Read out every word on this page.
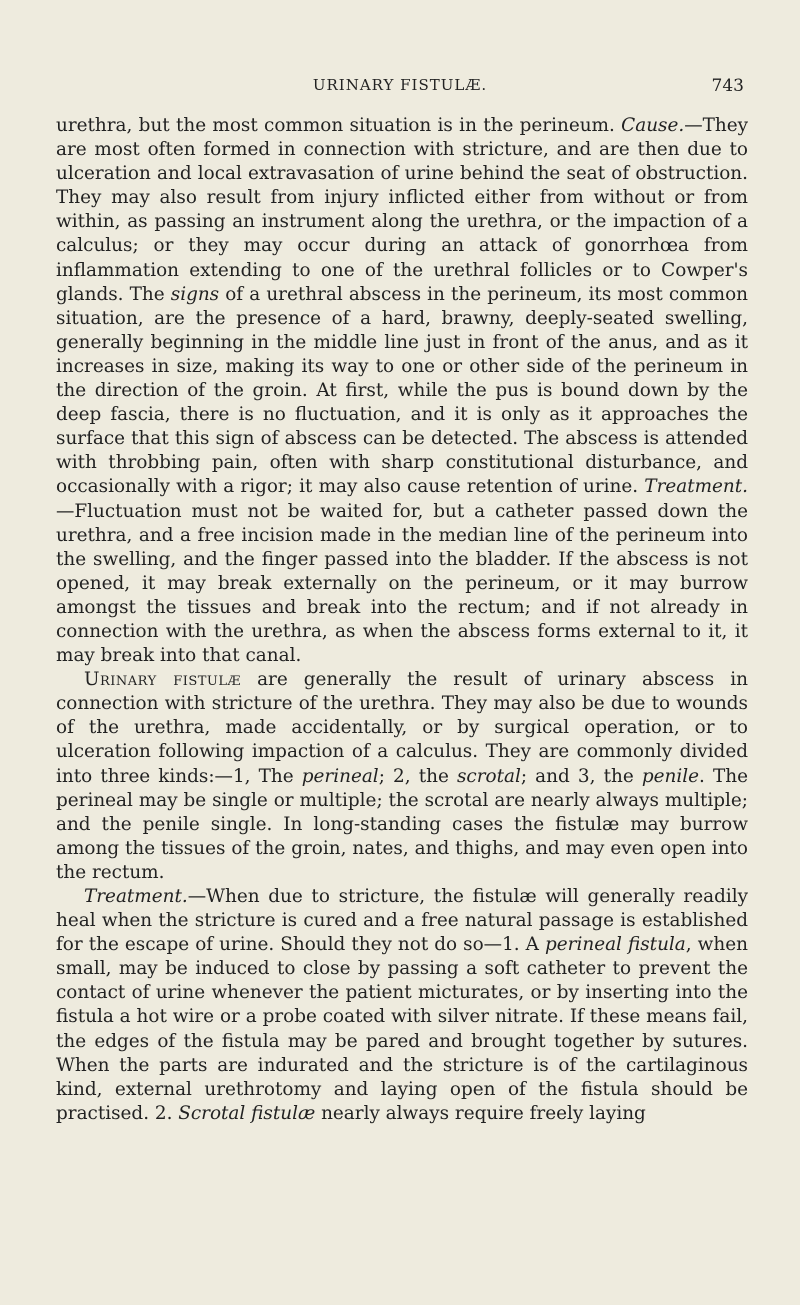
URINARY FISTULÆ.	743

urethra, but the most common situation is in the perineum. Cause.—They are most often formed in connection with stricture, and are then due to ulceration and local extravasation of urine behind the seat of obstruction. They may also result from injury inflicted either from without or from within, as passing an instrument along the urethra, or the impaction of a calculus; or they may occur during an attack of gonorrhœa from inflammation extending to one of the urethral follicles or to Cowper's glands. The signs of a urethral abscess in the perineum, its most common situation, are the presence of a hard, brawny, deeply-seated swelling, generally beginning in the middle line just in front of the anus, and as it increases in size, making its way to one or other side of the perineum in the direction of the groin. At first, while the pus is bound down by the deep fascia, there is no fluctuation, and it is only as it approaches the surface that this sign of abscess can be detected. The abscess is attended with throbbing pain, often with sharp constitutional disturbance, and occasionally with a rigor; it may also cause retention of urine. Treatment.—Fluctuation must not be waited for, but a catheter passed down the urethra, and a free incision made in the median line of the perineum into the swelling, and the finger passed into the bladder. If the abscess is not opened, it may break externally on the perineum, or it may burrow amongst the tissues and break into the rectum; and if not already in connection with the urethra, as when the abscess forms external to it, it may break into that canal.

Urinary fistulæ are generally the result of urinary abscess in connection with stricture of the urethra. They may also be due to wounds of the urethra, made accidentally, or by surgical operation, or to ulceration following impaction of a calculus. They are commonly divided into three kinds:—1, The perineal; 2, the scrotal; and 3, the penile. The perineal may be single or multiple; the scrotal are nearly always multiple; and the penile single. In long-standing cases the fistulæ may burrow among the tissues of the groin, nates, and thighs, and may even open into the rectum.

Treatment.—When due to stricture, the fistulæ will generally readily heal when the stricture is cured and a free natural passage is established for the escape of urine. Should they not do so—1. A perineal fistula, when small, may be induced to close by passing a soft catheter to prevent the contact of urine whenever the patient micturates, or by inserting into the fistula a hot wire or a probe coated with silver nitrate. If these means fail, the edges of the fistula may be pared and brought together by sutures. When the parts are indurated and the stricture is of the cartilaginous kind, external urethrotomy and laying open of the fistula should be practised. 2. Scrotal fistulæ nearly always require freely laying
